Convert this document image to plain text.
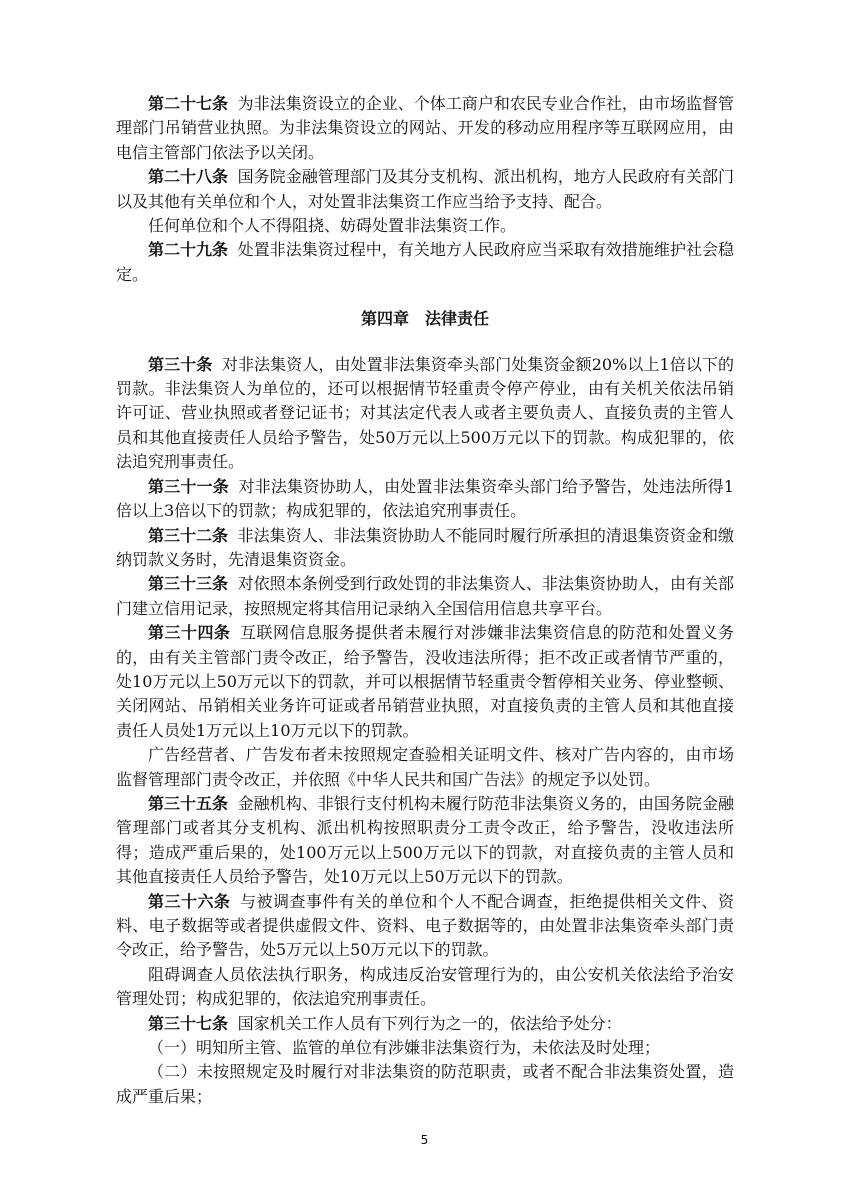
第二十七条 为非法集资设立的企业、个体工商户和农民专业合作社，由市场监督管理部门吊销营业执照。为非法集资设立的网站、开发的移动应用程序等互联网应用，由电信主管部门依法予以关闭。

第二十八条 国务院金融管理部门及其分支机构、派出机构，地方人民政府有关部门以及其他有关单位和个人，对处置非法集资工作应当给予支持、配合。

任何单位和个人不得阻挠、妨碍处置非法集资工作。

第二十九条 处置非法集资过程中，有关地方人民政府应当采取有效措施维护社会稳定。

第四章　法律责任

第三十条 对非法集资人，由处置非法集资牵头部门处集资金额20%以上1倍以下的罚款。非法集资人为单位的，还可以根据情节轻重责令停产停业，由有关机关依法吊销许可证、营业执照或者登记证书；对其法定代表人或者主要负责人、直接负责的主管人员和其他直接责任人员给予警告，处50万元以上500万元以下的罚款。构成犯罪的，依法追究刑事责任。

第三十一条 对非法集资协助人，由处置非法集资牵头部门给予警告，处违法所得1倍以上3倍以下的罚款；构成犯罪的，依法追究刑事责任。

第三十二条 非法集资人、非法集资协助人不能同时履行所承担的清退集资资金和缴纳罚款义务时，先清退集资资金。

第三十三条 对依照本条例受到行政处罚的非法集资人、非法集资协助人，由有关部门建立信用记录，按照规定将其信用记录纳入全国信用信息共享平台。

第三十四条 互联网信息服务提供者未履行对涉嫌非法集资信息的防范和处置义务的，由有关主管部门责令改正，给予警告，没收违法所得；拒不改正或者情节严重的，处10万元以上50万元以下的罚款，并可以根据情节轻重责令暂停相关业务、停业整顿、关闭网站、吊销相关业务许可证或者吊销营业执照，对直接负责的主管人员和其他直接责任人员处1万元以上10万元以下的罚款。

广告经营者、广告发布者未按照规定查验相关证明文件、核对广告内容的，由市场监督管理部门责令改正，并依照《中华人民共和国广告法》的规定予以处罚。

第三十五条 金融机构、非银行支付机构未履行防范非法集资义务的，由国务院金融管理部门或者其分支机构、派出机构按照职责分工责令改正，给予警告，没收违法所得；造成严重后果的，处100万元以上500万元以下的罚款，对直接负责的主管人员和其他直接责任人员给予警告，处10万元以上50万元以下的罚款。

第三十六条 与被调查事件有关的单位和个人不配合调查，拒绝提供相关文件、资料、电子数据等或者提供虚假文件、资料、电子数据等的，由处置非法集资牵头部门责令改正，给予警告，处5万元以上50万元以下的罚款。

阻碍调查人员依法执行职务，构成违反治安管理行为的，由公安机关依法给予治安管理处罚；构成犯罪的，依法追究刑事责任。

第三十七条 国家机关工作人员有下列行为之一的，依法给予处分：

（一）明知所主管、监管的单位有涉嫌非法集资行为，未依法及时处理；

（二）未按照规定及时履行对非法集资的防范职责，或者不配合非法集资处置，造成严重后果；

5
